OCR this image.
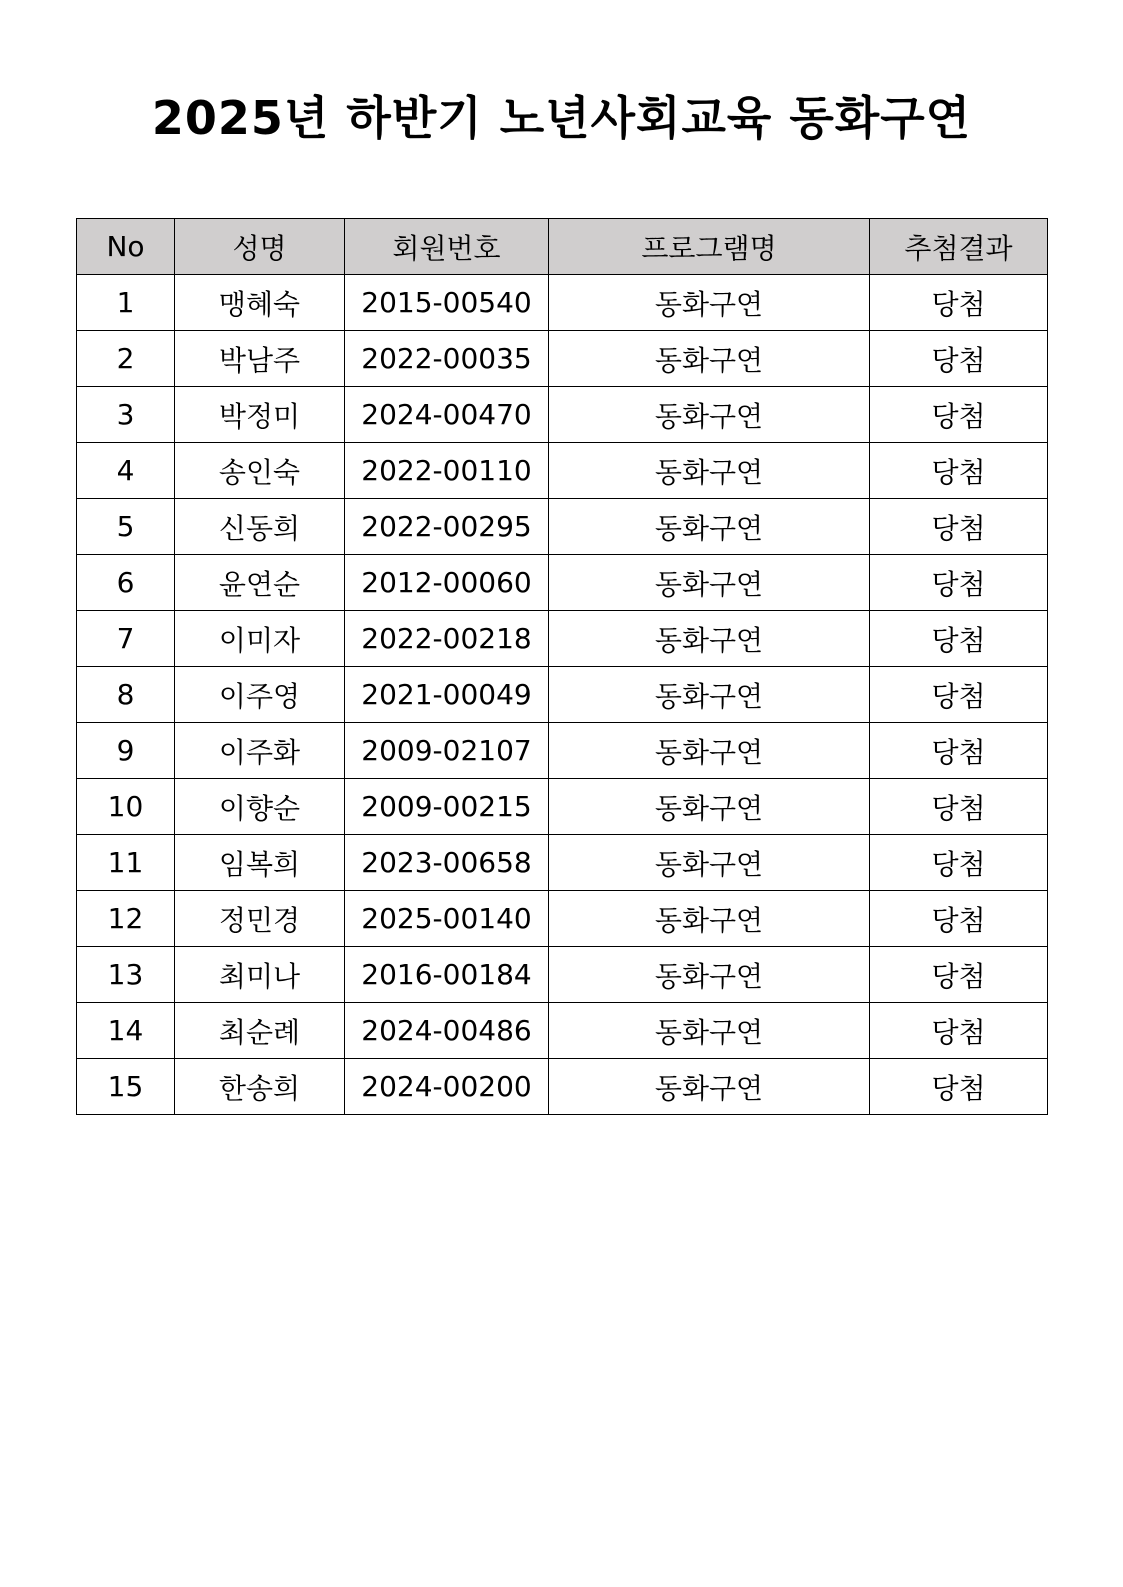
2025년 하반기 노년사회교육 동화구연
No	성명	회원번호	프로그램명	추첨결과
1	맹혜숙	2015-00540	동화구연	당첨
2	박남주	2022-00035	동화구연	당첨
3	박정미	2024-00470	동화구연	당첨
4	송인숙	2022-00110	동화구연	당첨
5	신동희	2022-00295	동화구연	당첨
6	윤연순	2012-00060	동화구연	당첨
7	이미자	2022-00218	동화구연	당첨
8	이주영	2021-00049	동화구연	당첨
9	이주화	2009-02107	동화구연	당첨
10	이향순	2009-00215	동화구연	당첨
11	임복희	2023-00658	동화구연	당첨
12	정민경	2025-00140	동화구연	당첨
13	최미나	2016-00184	동화구연	당첨
14	최순례	2024-00486	동화구연	당첨
15	한송희	2024-00200	동화구연	당첨
